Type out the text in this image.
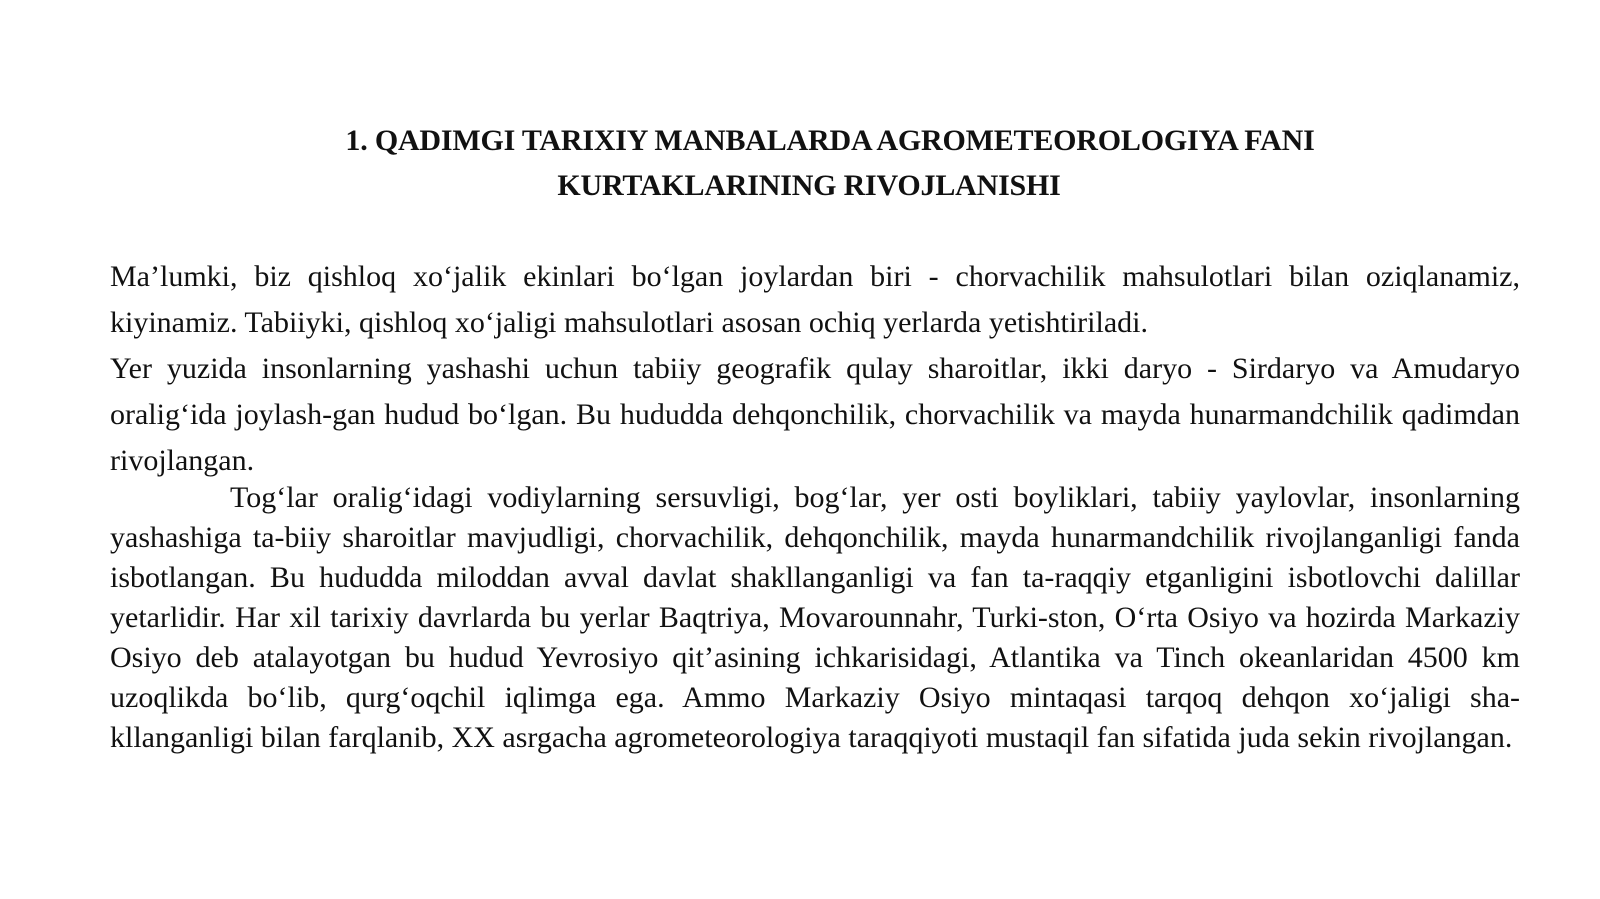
1. QADIMGI TARIXIY MANBALARDA AGROMETEOROLOGIYA FANI
KURTAKLARINING RIVOJLANISHI

Ma’lumki, biz qishloq xo‘jalik ekinlari bo‘lgan joylardan biri - chorvachilik mahsulotlari bilan oziqlanamiz, kiyinamiz. Tabiiyki, qishloq xo‘jaligi mahsulotlari asosan ochiq yerlarda yetishtiriladi.

Yer yuzida insonlarning yashashi uchun tabiiy geografik qulay sharoitlar, ikki daryo - Sirdaryo va Amudaryo oralig‘ida joylash-gan hudud bo‘lgan. Bu hududda dehqonchilik, chorvachilik va mayda hunarmandchilik qadimdan rivojlangan.

Tog‘lar oralig‘idagi vodiylarning sersuvligi, bog‘lar, yer osti boyliklari, tabiiy yaylovlar, insonlarning yashashiga ta-biiy sharoitlar mavjudligi, chorvachilik, dehqonchilik, mayda hunarmandchilik rivojlanganligi fanda isbotlangan. Bu hududda miloddan avval davlat shakllanganligi va fan ta-raqqiy etganligini isbotlovchi dalillar yetarlidir. Har xil tarixiy davrlarda bu yerlar Baqtriya, Movarounnahr, Turki-ston, O‘rta Osiyo va hozirda Markaziy Osiyo deb atalayotgan bu hudud Yevrosiyo qit’asining ichkarisidagi, Atlantika va Tinch okeanlaridan 4500 km uzoqlikda bo‘lib, qurg‘oqchil iqlimga ega. Ammo Markaziy Osiyo mintaqasi tarqoq dehqon xo‘jaligi sha-kllanganligi bilan farqlanib, XX asrgacha agrometeorologiya taraqqiyoti mustaqil fan sifatida juda sekin rivojlangan.
